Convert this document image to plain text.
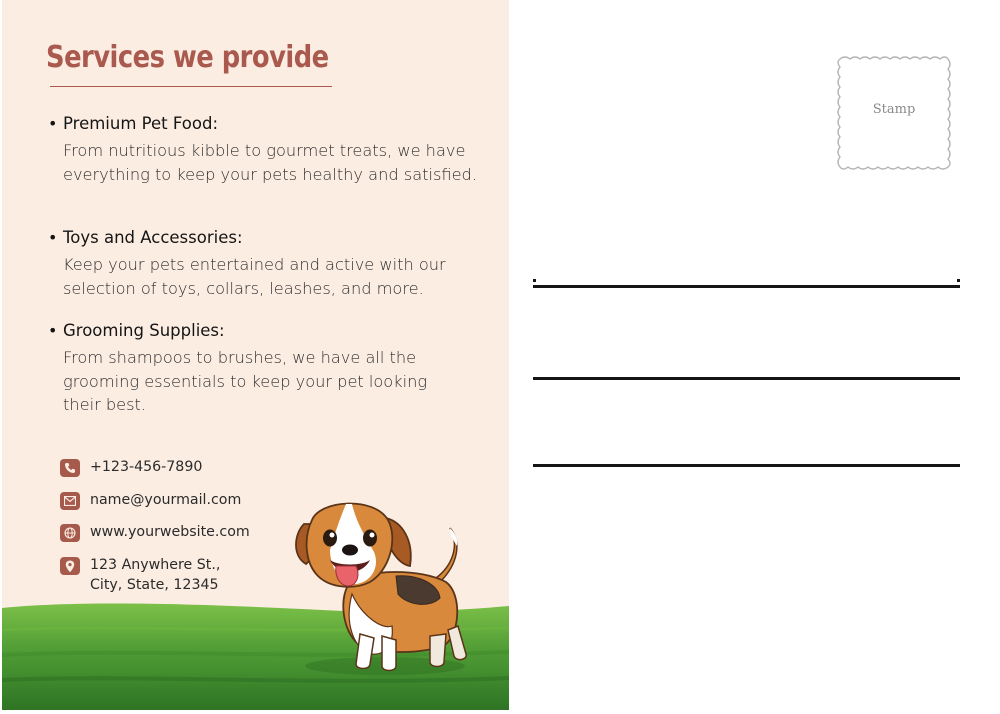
Services we provide
• Premium Pet Food:
From nutritious kibble to gourmet treats, we have everything to keep your pets healthy and satisfied.
• Toys and Accessories:
Keep your pets entertained and active with our selection of toys, collars, leashes, and more.
• Grooming Supplies:
From shampoos to brushes, we have all the grooming essentials to keep your pet looking their best.
+123-456-7890
name@yourmail.com
www.yourwebsite.com
123 Anywhere St.,
City, State, 12345
Stamp
